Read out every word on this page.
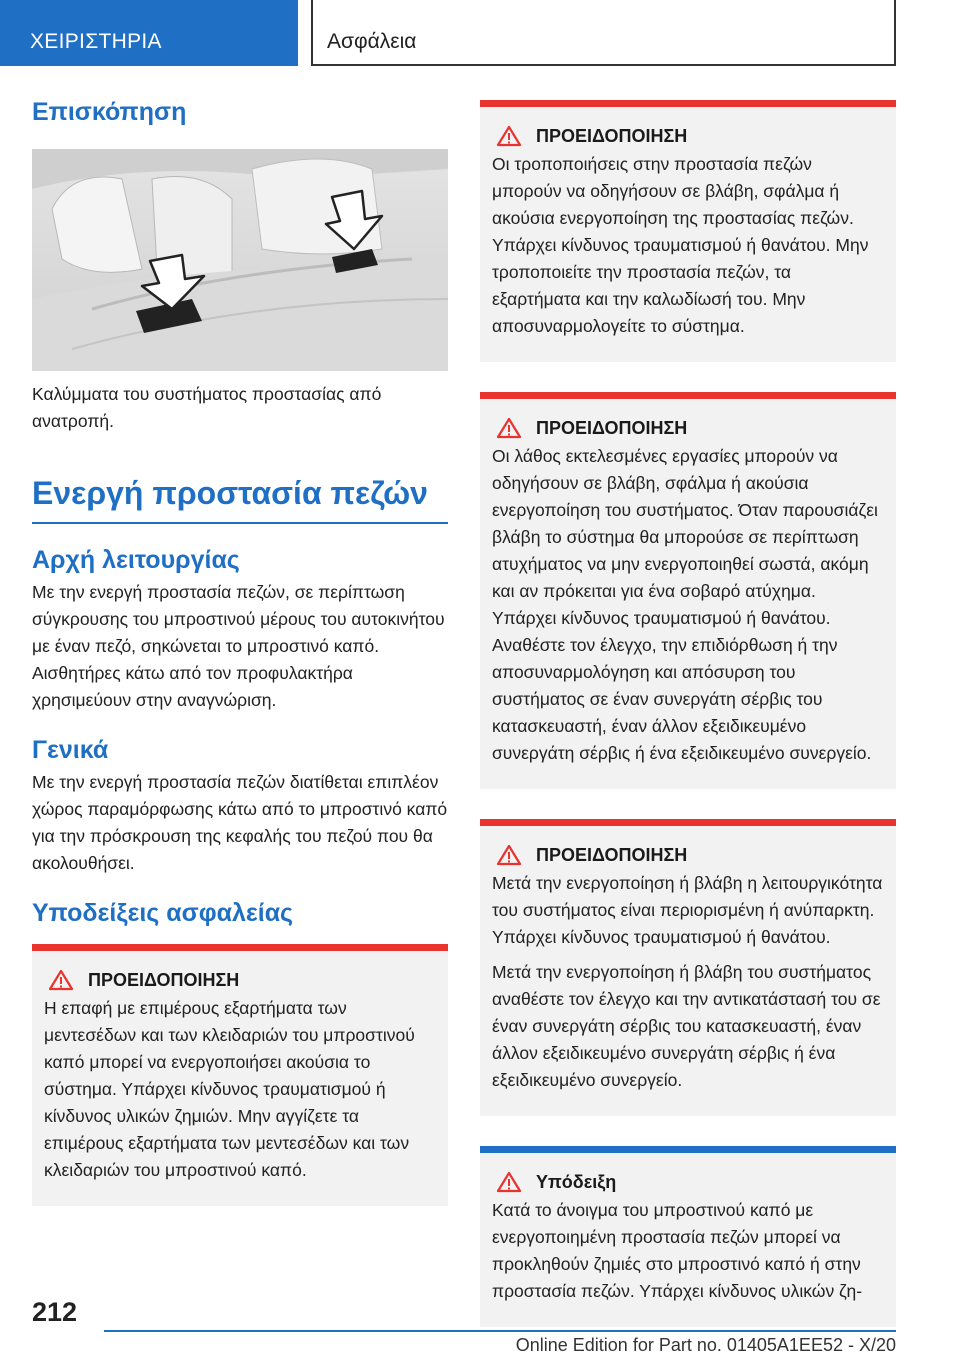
ΧΕΙΡΙΣΤΗΡΙΑ	Ασφάλεια
Επισκόπηση
Καλύμματα του συστήματος προστασίας από ανατροπή.
Ενεργή προστασία πεζών
Αρχή λειτουργίας
Με την ενεργή προστασία πεζών, σε περίπτωση σύγκρουσης του μπροστινού μέρους του αυτοκινήτου με έναν πεζό, σηκώνεται το μπροστινό καπό. Αισθητήρες κάτω από τον προφυλακτήρα χρησιμεύουν στην αναγνώριση.
Γενικά
Με την ενεργή προστασία πεζών διατίθεται επιπλέον χώρος παραμόρφωσης κάτω από το μπροστινό καπό για την πρόσκρουση της κεφαλής του πεζού που θα ακολουθήσει.
Υποδείξεις ασφαλείας
ΠΡΟΕΙΔΟΠΟΙΗΣΗ
Η επαφή με επιμέρους εξαρτήματα των μεντεσέδων και των κλειδαριών του μπροστινού καπό μπορεί να ενεργοποιήσει ακούσια το σύστημα. Υπάρχει κίνδυνος τραυματισμού ή κίνδυνος υλικών ζημιών. Μην αγγίζετε τα επιμέρους εξαρτήματα των μεντεσέδων και των κλειδαριών του μπροστινού καπό.
ΠΡΟΕΙΔΟΠΟΙΗΣΗ
Οι τροποποιήσεις στην προστασία πεζών μπορούν να οδηγήσουν σε βλάβη, σφάλμα ή ακούσια ενεργοποίηση της προστασίας πεζών. Υπάρχει κίνδυνος τραυματισμού ή θανάτου. Μην τροποποιείτε την προστασία πεζών, τα εξαρτήματα και την καλωδίωσή του. Μην αποσυναρμολογείτε το σύστημα.
ΠΡΟΕΙΔΟΠΟΙΗΣΗ
Οι λάθος εκτελεσμένες εργασίες μπορούν να οδηγήσουν σε βλάβη, σφάλμα ή ακούσια ενεργοποίηση του συστήματος. Όταν παρουσιάζει βλάβη το σύστημα θα μπορούσε σε περίπτωση ατυχήματος να μην ενεργοποιηθεί σωστά, ακόμη και αν πρόκειται για ένα σοβαρό ατύχημα. Υπάρχει κίνδυνος τραυματισμού ή θανάτου. Αναθέστε τον έλεγχο, την επιδιόρθωση ή την αποσυναρμολόγηση και απόσυρση του συστήματος σε έναν συνεργάτη σέρβις του κατασκευαστή, έναν άλλον εξειδικευμένο συνεργάτη σέρβις ή ένα εξειδικευμένο συνεργείο.
ΠΡΟΕΙΔΟΠΟΙΗΣΗ
Μετά την ενεργοποίηση ή βλάβη η λειτουργικότητα του συστήματος είναι περιορισμένη ή ανύπαρκτη. Υπάρχει κίνδυνος τραυματισμού ή θανάτου.
Μετά την ενεργοποίηση ή βλάβη του συστήματος αναθέστε τον έλεγχο και την αντικατάστασή του σε έναν συνεργάτη σέρβις του κατασκευαστή, έναν άλλον εξειδικευμένο συνεργάτη σέρβις ή ένα εξειδικευμένο συνεργείο.
Υπόδειξη
Κατά το άνοιγμα του μπροστινού καπό με ενεργοποιημένη προστασία πεζών μπορεί να προκληθούν ζημιές στο μπροστινό καπό ή στην προστασία πεζών. Υπάρχει κίνδυνος υλικών ζη-
212
Online Edition for Part no. 01405A1EE52 - X/20
